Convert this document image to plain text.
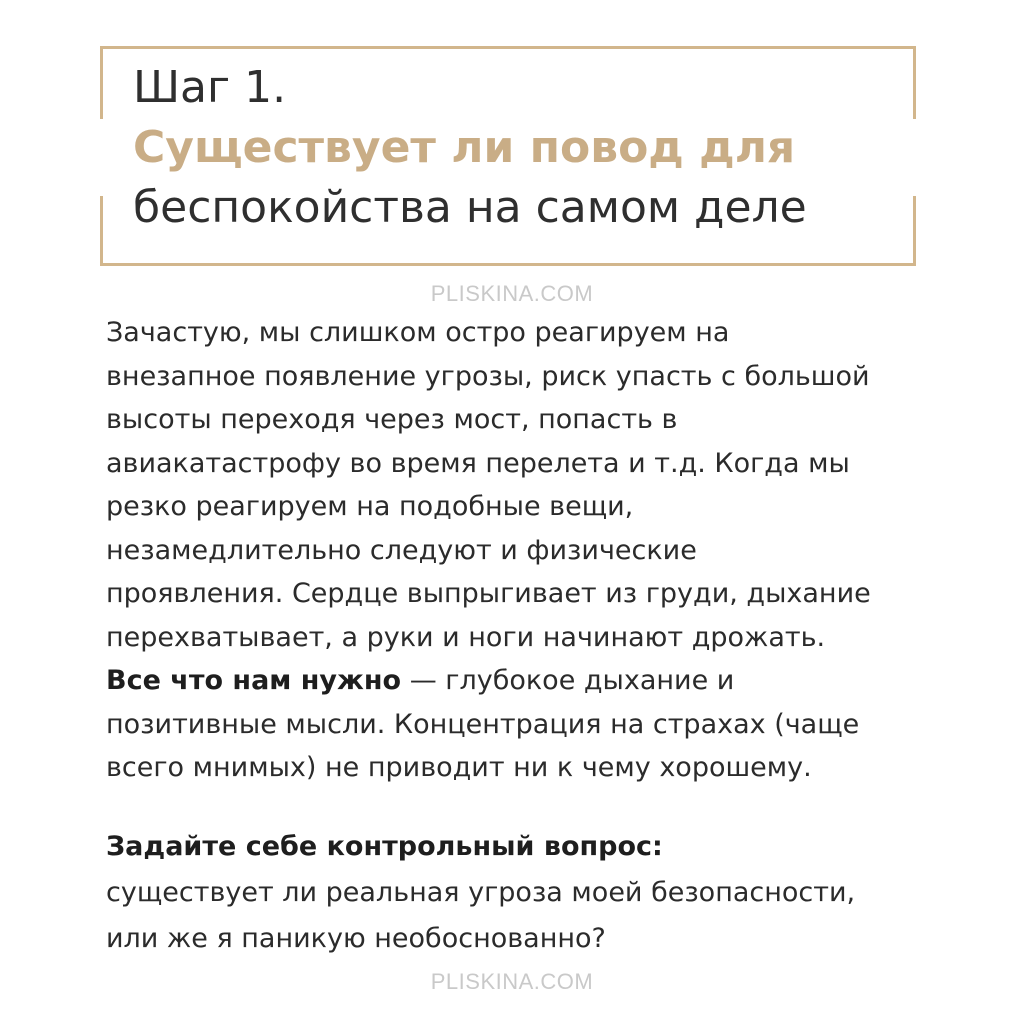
Шаг 1.
Существует ли повод для
беспокойства на самом деле
PLISKINA.COM
Зачастую, мы слишком остро реагируем на
внезапное появление угрозы, риск упасть с большой
высоты переходя через мост, попасть в
авиакатастрофу во время перелета и т.д. Когда мы
резко реагируем на подобные вещи,
незамедлительно следуют и физические
проявления. Сердце выпрыгивает из груди, дыхание
перехватывает, а руки и ноги начинают дрожать.
Все что нам нужно — глубокое дыхание и
позитивные мысли. Концентрация на страхах (чаще
всего мнимых) не приводит ни к чему хорошему.
Задайте себе контрольный вопрос:
существует ли реальная угроза моей безопасности,
или же я паникую необоснованно?
PLISKINA.COM
